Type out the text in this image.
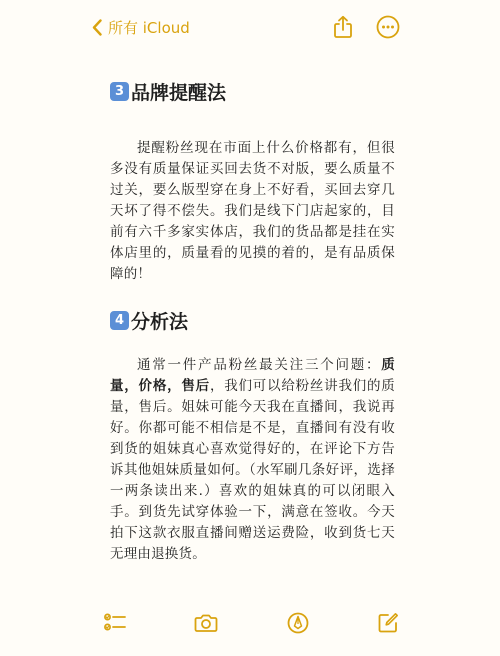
所有 iCloud
3 品牌提醒法

提醒粉丝现在市面上什么价格都有，但很多没有质量保证买回去货不对版，要么质量不过关，要么版型穿在身上不好看，买回去穿几天坏了得不偿失。我们是线下门店起家的，目前有六千多家实体店，我们的货品都是挂在实体店里的，质量看的见摸的着的，是有品质保障的！

4 分析法

通常一件产品粉丝最关注三个问题：质量，价格，售后，我们可以给粉丝讲我们的质量，售后。姐妹可能今天我在直播间，我说再好。你都可能不相信是不是，直播间有没有收到货的姐妹真心喜欢觉得好的，在评论下方告诉其他姐妹质量如何。（水军刷几条好评，选择一两条读出来.）喜欢的姐妹真的可以闭眼入手。到货先试穿体验一下，满意在签收。今天拍下这款衣服直播间赠送运费险，收到货七天无理由退换货。
